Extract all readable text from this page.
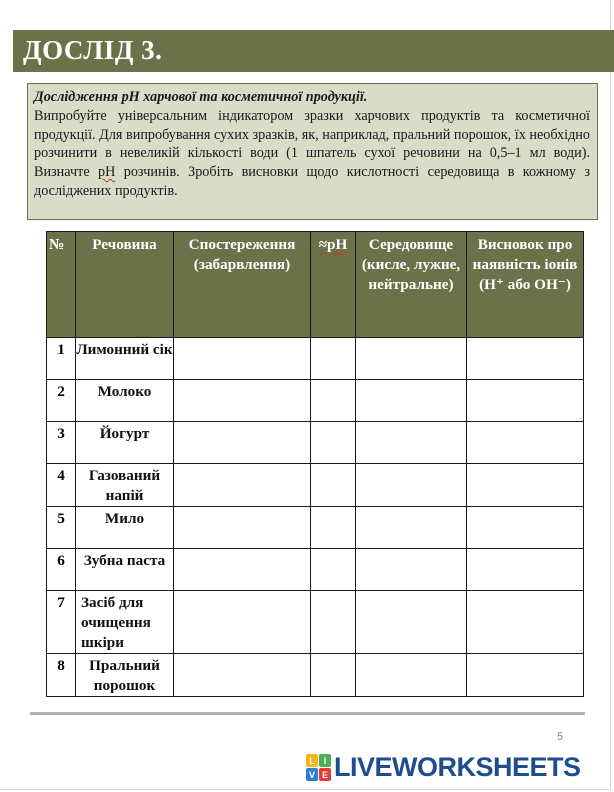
ДОСЛІД 3.
Дослідження рН харчової та косметичної продукції.
Випробуйте універсальним індикатором зразки харчових продуктів та косметичної продукції. Для випробування сухих зразків, як, наприклад, пральний порошок, їх необхідно розчинити в невеликій кількості води (1 шпатель сухої речовини на 0,5–1 мл води). Визначте рН розчинів. Зробіть висновки щодо кислотності середовища в кожному з досліджених продуктів.
№	Речовина	Спостереження (забарвлення)	≈рН	Середовище (кисле, лужне, нейтральне)	Висновок про наявність іонів
(H⁺ або OH⁻)
1	Лимонний сік				
2	Молоко				
3	Йогурт				
4	Газований напій				
5	Мило				
6	Зубна паста				
7	Засіб для очищення шкіри				
8	Пральний порошок				
5
L I
V E LIVEWORKSHEETS
